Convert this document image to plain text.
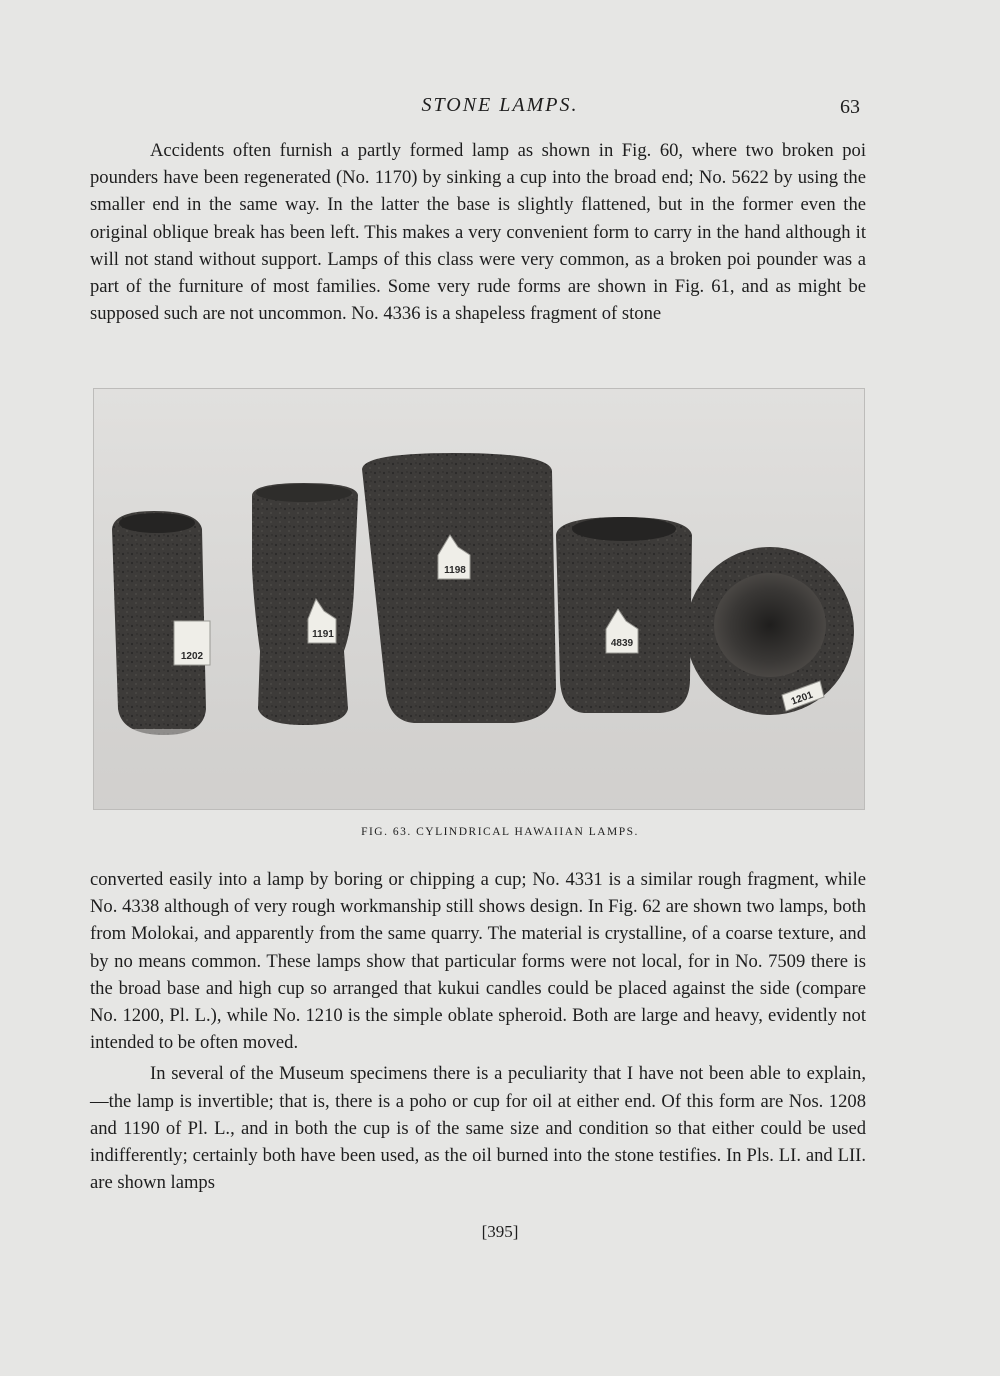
STONE LAMPS.	63

Accidents often furnish a partly formed lamp as shown in Fig. 60, where two broken poi pounders have been regenerated (No. 1170) by sinking a cup into the broad end; No. 5622 by using the smaller end in the same way. In the latter the base is slightly flattened, but in the former even the original oblique break has been left. This makes a very convenient form to carry in the hand although it will not stand without support. Lamps of this class were very common, as a broken poi pounder was a part of the furniture of most families. Some very rude forms are shown in Fig. 61, and as might be supposed such are not uncommon. No. 4336 is a shapeless fragment of stone

1202
1191
1198
4839
1201
FIG. 63. CYLINDRICAL HAWAIIAN LAMPS.

converted easily into a lamp by boring or chipping a cup; No. 4331 is a similar rough fragment, while No. 4338 although of very rough workmanship still shows design. In Fig. 62 are shown two lamps, both from Molokai, and apparently from the same quarry. The material is crystalline, of a coarse texture, and by no means common. These lamps show that particular forms were not local, for in No. 7509 there is the broad base and high cup so arranged that kukui candles could be placed against the side (compare No. 1200, Pl. L.), while No. 1210 is the simple oblate spheroid. Both are large and heavy, evidently not intended to be often moved.

In several of the Museum specimens there is a peculiarity that I have not been able to explain,—the lamp is invertible; that is, there is a poho or cup for oil at either end. Of this form are Nos. 1208 and 1190 of Pl. L., and in both the cup is of the same size and condition so that either could be used indifferently; certainly both have been used, as the oil burned into the stone testifies. In Pls. LI. and LII. are shown lamps

[395]
